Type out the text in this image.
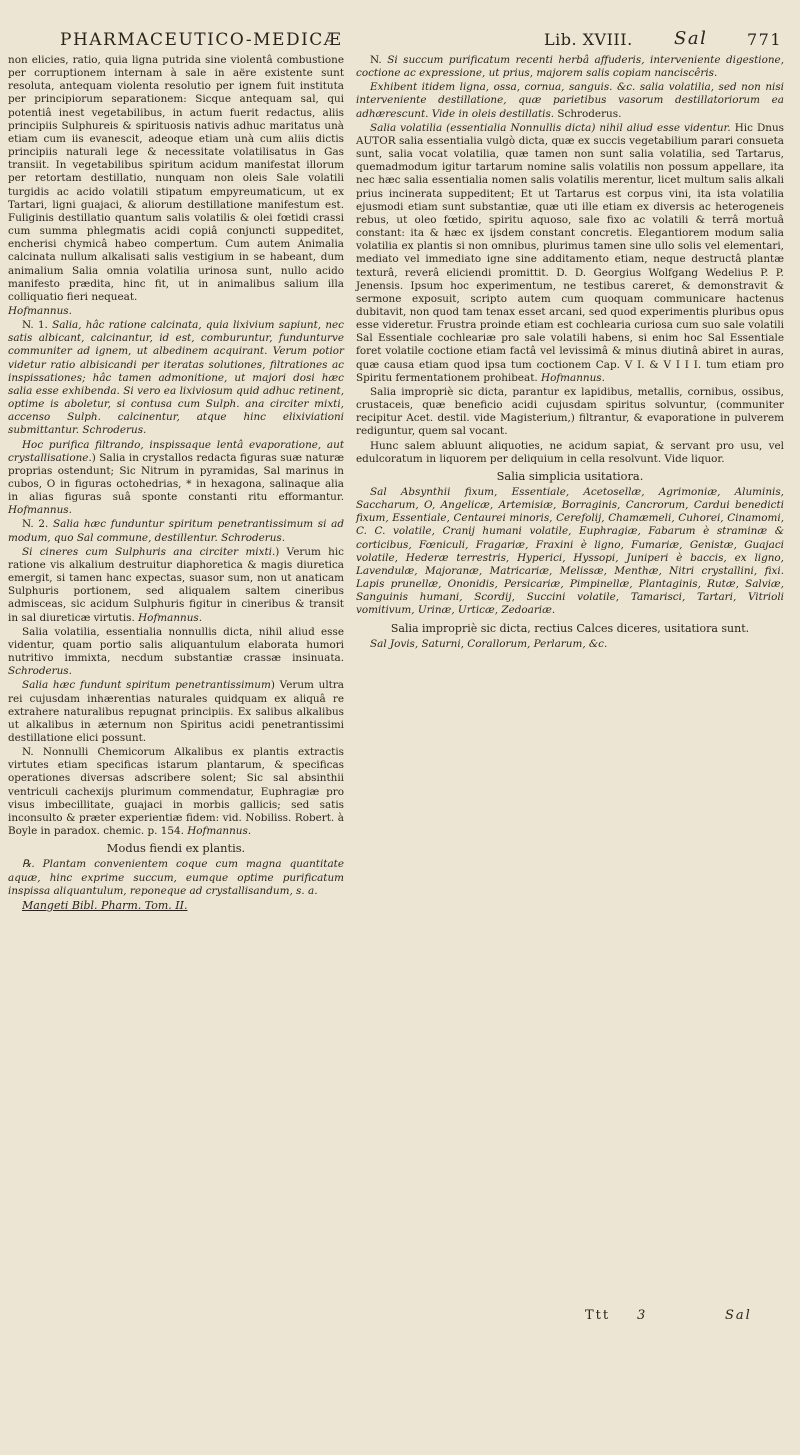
PHARMACEUTICO-MEDICÆ	Lib. XVIII. Sal 771

non elicies, ratio, quia ligna putrida sine violentâ combustione per corruptionem internam à sale in aëre existente sunt resoluta, antequam violenta resolutio per ignem fuit instituta per principiorum separationem: Sicque antequam sal, qui potentiâ inest vegetabilibus, in actum fuerit redactus, aliis principiis Sulphureis & spirituosis nativis adhuc maritatus unà etiam cum iis evanescit, adeoque etiam unà cum aliis dictis principiis naturali lege & necessitate volatilisatus in Gas transiit. In vegetabilibus spiritum acidum manifestat illorum per retortam destillatio, nunquam non oleis Sale volatili turgidis ac acido volatili stipatum empyreumaticum, ut ex Tartari, ligni guajaci, & aliorum destillatione manifestum est. Fuliginis destillatio quantum salis volatilis & olei fœtidi crassi cum summa phlegmatis acidi copiâ conjuncti suppeditet, encherisi chymicâ habeo compertum. Cum autem Animalia calcinata nullum alkalisati salis vestigium in se habeant, dum animalium Salia omnia volatilia urinosa sunt, nullo acido manifesto prædita, hinc fit, ut in animalibus salium illa colliquatio fieri nequeat.

Hofmannus.

N. 1. Salia, hâc ratione calcinata, quia lixivium sapiunt, nec satis albicant, calcinantur, id est, comburuntur, fundunturve communiter ad ignem, ut albedinem acquirant. Verum potior videtur ratio albisicandi per iteratas solutiones, filtrationes ac inspissationes; hâc tamen admonitione, ut majori dosi hæc salia esse exhibenda. Si vero ea lixiviosum quid adhuc retinent, optime is aboletur, si contusa cum Sulph. ana circiter mixti, accenso Sulph. calcinentur, atque hinc elixiviationi submittantur. Schroderus.

Hoc purifica filtrando, inspissaque lentâ evaporatione, aut crystallisatione.) Salia in crystallos redacta figuras suæ naturæ proprias ostendunt; Sic Nitrum in pyramidas, Sal marinus in cubos, O in figuras octohedrias, * in hexagona, salinaque alia in alias figuras suâ sponte constanti ritu efformantur. Hofmannus.

N. 2. Salia hæc funduntur spiritum penetrantissimum si ad modum, quo Sal commune, destillentur. Schroderus.

Si cineres cum Sulphuris ana circiter mixti.) Verum hic ratione vis alkalium destruitur diaphoretica & magis diuretica emergit, si tamen hanc expectas, suasor sum, non ut anaticam Sulphuris portionem, sed aliqualem saltem cineribus admisceas, sic acidum Sulphuris figitur in cineribus & transit in sal diureticæ virtutis. Hofmannus.

Salia volatilia, essentialia nonnullis dicta, nihil aliud esse videntur, quam portio salis aliquantulum elaborata humori nutritivo immixta, necdum substantiæ crassæ insinuata. Schroderus.

Salia hæc fundunt spiritum penetrantissimum) Verum ultra rei cujusdam inhærentias naturales quidquam ex aliquâ re extrahere naturalibus repugnat principiis. Ex salibus alkalibus ut alkalibus in æternum non Spiritus acidi penetrantissimi destillatione elici possunt.

N. Nonnulli Chemicorum Alkalibus ex plantis extractis virtutes etiam specificas istarum plantarum, & specificas operationes diversas adscribere solent; Sic sal absinthii ventriculi cachexijs plurimum commendatur, Euphragiæ pro visus imbecillitate, guajaci in morbis gallicis; sed satis inconsulto & præter experientiæ fidem: vid. Nobiliss. Robert. à Boyle in paradox. chemic. p. 154. Hofmannus.

Modus fiendi ex plantis.

℞. Plantam convenientem coque cum magna quantitate aquæ, hinc exprime succum, eumque optime purificatum inspissa aliquantulum, reponeque ad crystallisandum, s. a.

Mangeti Bibl. Pharm. Tom. II.

N. Si succum purificatum recenti herbâ affuderis, interveniente digestione, coctione ac expressione, ut prius, majorem salis copiam nanciscêris.

Exhibent itidem ligna, ossa, cornua, sanguis. &c. salia volatilia, sed non nisi interveniente destillatione, quæ parietibus vasorum destillatoriorum ea adhærescunt. Vide in oleis destillatis. Schroderus.

Salia volatilia (essentialia Nonnullis dicta) nihil aliud esse videntur. Hic Dnus AUTOR salia essentialia vulgò dicta, quæ ex succis vegetabilium parari consueta sunt, salia vocat volatilia, quæ tamen non sunt salia volatilia, sed Tartarus, quemadmodum igitur tartarum nomine salis volatilis non possum appellare, ita nec hæc salia essentialia nomen salis volatilis merentur, licet multum salis alkali prius incinerata suppeditent; Et ut Tartarus est corpus vini, ita ista volatilia ejusmodi etiam sunt substantiæ, quæ uti ille etiam ex diversis ac heterogeneis rebus, ut oleo fœtido, spiritu aquoso, sale fixo ac volatili & terrâ mortuâ constant: ita & hæc ex ijsdem constant concretis. Elegantiorem modum salia volatilia ex plantis si non omnibus, plurimus tamen sine ullo solis vel elementari, mediato vel immediato igne sine additamento etiam, neque destructâ plantæ texturâ, reverâ eliciendi promittit. D. D. Georgius Wolfgang Wedelius P. P. Jenensis. Ipsum hoc experimentum, ne testibus careret, & demonstravit & sermone exposuit, scripto autem cum quoquam communicare hactenus dubitavit, non quod tam tenax esset arcani, sed quod experimentis pluribus opus esse videretur. Frustra proinde etiam est cochlearia curiosa cum suo sale volatili Sal Essentiale cochleariæ pro sale volatili habens, si enim hoc Sal Essentiale foret volatile coctione etiam factâ vel levissimâ & minus diutinâ abiret in auras, quæ causa etiam quod ipsa tum coctionem Cap. V I. & V I I I. tum etiam pro Spiritu fermentationem prohibeat. Hofmannus.

Salia impropriè sic dicta, parantur ex lapidibus, metallis, cornibus, ossibus, crustaceis, quæ beneficio acidi cujusdam spiritus solvuntur, (communiter recipitur Acet. destil. vide Magisterium,) filtrantur, & evaporatione in pulverem rediguntur, quem sal vocant.

Hunc salem abluunt aliquoties, ne acidum sapiat, & servant pro usu, vel edulcoratum in liquorem per deliquium in cella resolvunt. Vide liquor.

Salia simplicia usitatiora.

Sal Absynthii fixum, Essentiale, Acetosellæ, Agrimoniæ, Aluminis, Saccharum, O, Angelicæ, Artemisiæ, Borraginis, Cancrorum, Cardui benedicti fixum, Essentiale, Centaurei minoris, Cerefolij, Chamæmeli, Cuhorei, Cinamomi, C. C. volatile, Cranij humani volatile, Euphragiæ, Fabarum è straminæ & corticibus, Fœniculi, Fragariæ, Fraxini è ligno, Fumariæ, Genistæ, Guajaci volatile, Hederæ terrestris, Hyperici, Hyssopi, Juniperi è baccis, ex ligno, Lavendulæ, Majoranæ, Matricariæ, Melissæ, Menthæ, Nitri crystallini, fixi. Lapis prunellæ, Ononidis, Persicariæ, Pimpinellæ, Plantaginis, Rutæ, Salviæ, Sanguinis humani, Scordij, Succini volatile, Tamarisci, Tartari, Vitrioli vomitivum, Urinæ, Urticæ, Zedoariæ.

Salia impropriè sic dicta, rectius Calces diceres, usitatiora sunt.

Sal Jovis, Saturni, Corallorum, Perlarum, &c.

Ttt 3	Sal
